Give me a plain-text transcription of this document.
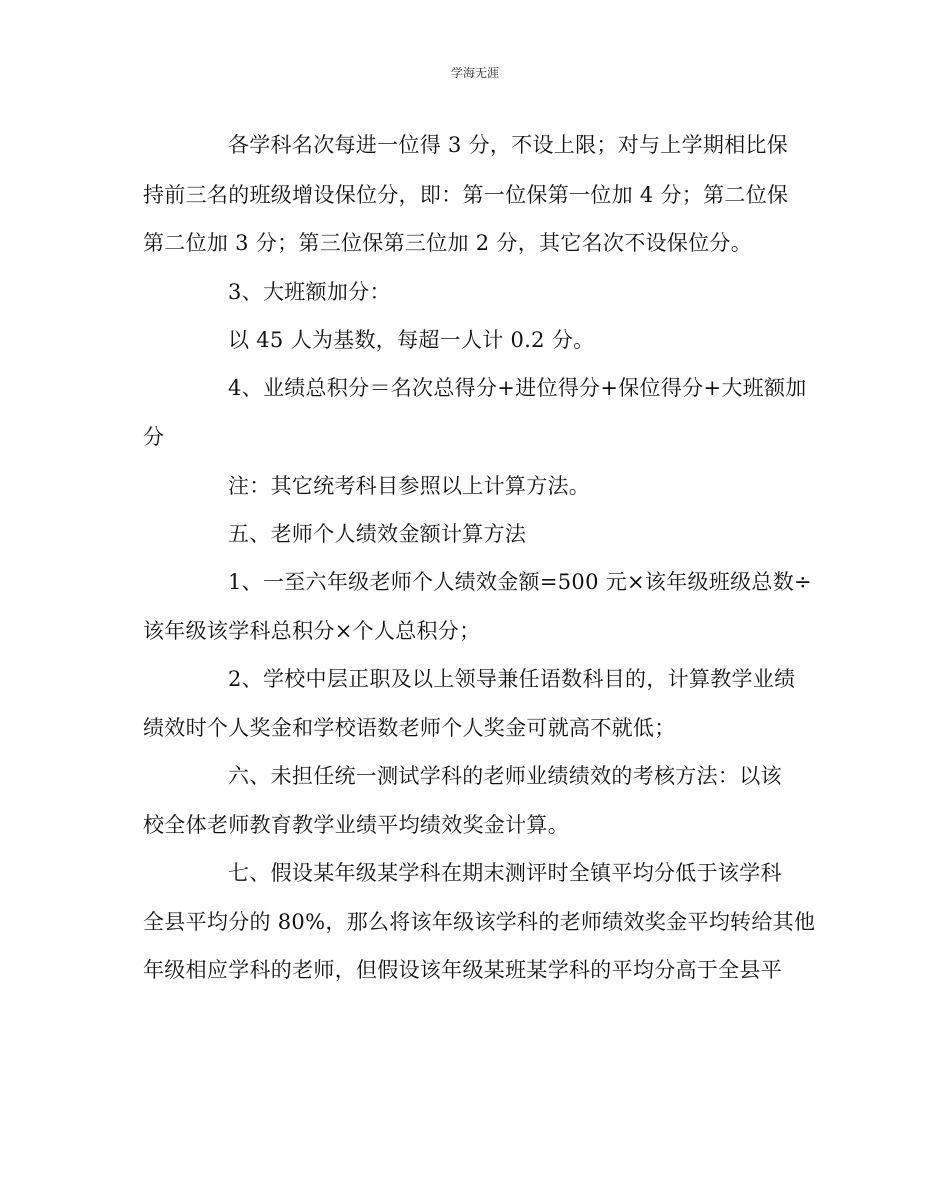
学海无涯
各学科名次每进一位得 3 分，不设上限；对与上学期相比保
持前三名的班级增设保位分，即：第一位保第一位加 4 分；第二位保
第二位加 3 分；第三位保第三位加 2 分，其它名次不设保位分。
3、大班额加分：
以 45 人为基数，每超一人计 0.2 分。
4、业绩总积分＝名次总得分+进位得分+保位得分+大班额加
分
注：其它统考科目参照以上计算方法。
五、老师个人绩效金额计算方法
1、一至六年级老师个人绩效金额=500 元×该年级班级总数÷
该年级该学科总积分×个人总积分；
2、学校中层正职及以上领导兼任语数科目的，计算教学业绩
绩效时个人奖金和学校语数老师个人奖金可就高不就低；
六、未担任统一测试学科的老师业绩绩效的考核方法：以该
校全体老师教育教学业绩平均绩效奖金计算。
七、假设某年级某学科在期末测评时全镇平均分低于该学科
全县平均分的 80%，那么将该年级该学科的老师绩效奖金平均转给其他
年级相应学科的老师，但假设该年级某班某学科的平均分高于全县平
